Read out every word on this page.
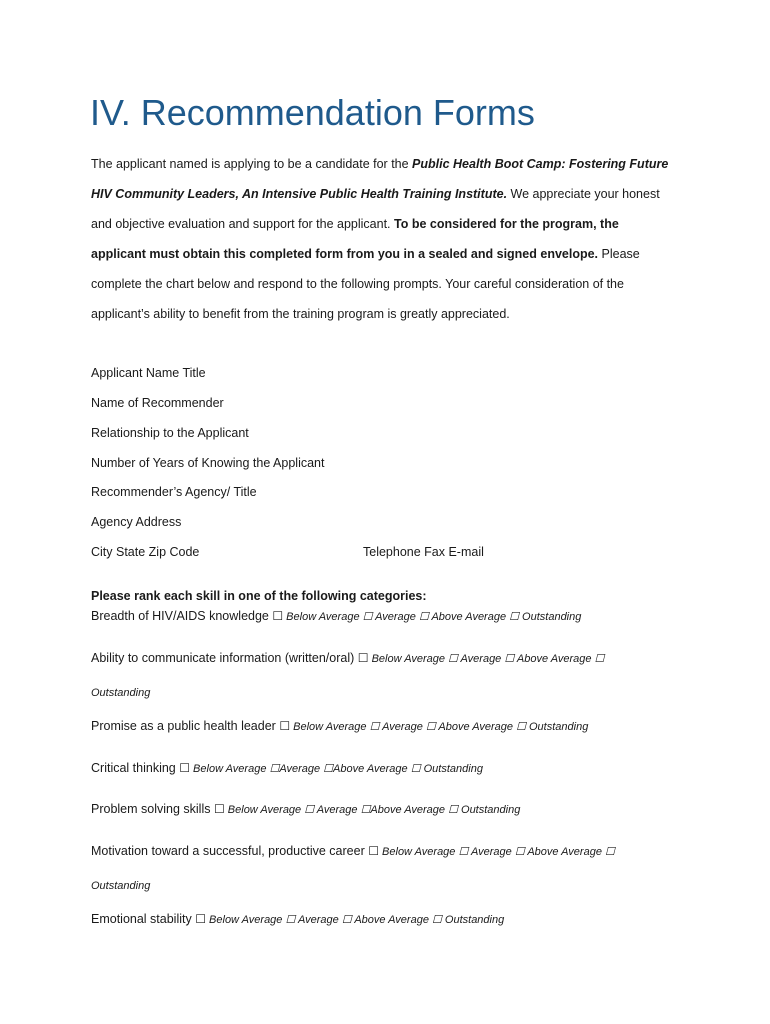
IV. Recommendation Forms
The applicant named is applying to be a candidate for the Public Health Boot Camp: Fostering Future
HIV Community Leaders, An Intensive Public Health Training Institute. We appreciate your honest
and objective evaluation and support for the applicant. To be considered for the program, the
applicant must obtain this completed form from you in a sealed and signed envelope. Please
complete the chart below and respond to the following prompts. Your careful consideration of the
applicant’s ability to benefit from the training program is greatly appreciated.
Applicant Name Title
Name of Recommender
Relationship to the Applicant
Number of Years of Knowing the Applicant
Recommender’s Agency/ Title
Agency Address
City State Zip Code	Telephone Fax E-mail
Please rank each skill in one of the following categories:
Breadth of HIV/AIDS knowledge ☐ Below Average ☐ Average ☐ Above Average ☐ Outstanding
Ability to communicate information (written/oral) ☐ Below Average ☐ Average ☐ Above Average ☐
Outstanding
Promise as a public health leader ☐ Below Average ☐ Average ☐ Above Average ☐ Outstanding
Critical thinking ☐ Below Average ☐Average ☐Above Average ☐ Outstanding
Problem solving skills ☐ Below Average ☐ Average ☐Above Average ☐ Outstanding
Motivation toward a successful, productive career ☐ Below Average ☐ Average ☐ Above Average ☐
Outstanding
Emotional stability ☐ Below Average ☐ Average ☐ Above Average ☐ Outstanding
